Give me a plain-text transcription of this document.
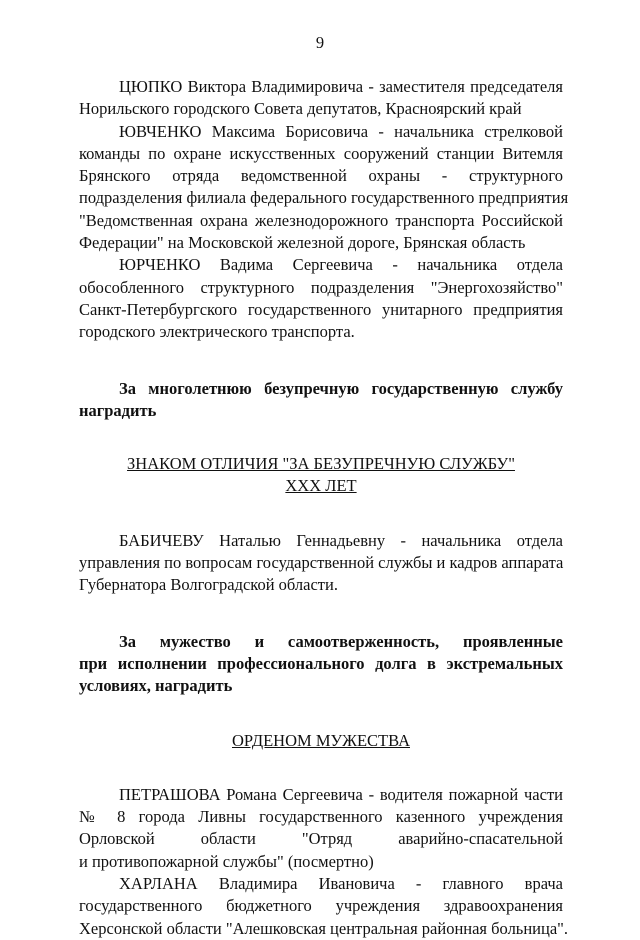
9
ЦЮПКО Виктора Владимировича - заместителя председателя
Норильского городского Совета депутатов, Красноярский край
ЮВЧЕНКО Максима Борисовича - начальника стрелковой
команды по охране искусственных сооружений станции Витемля
Брянского отряда ведомственной охраны - структурного
подразделения филиала федерального государственного предприятия
"Ведомственная охрана железнодорожного транспорта Российской
Федерации" на Московской железной дороге, Брянская область
ЮРЧЕНКО Вадима Сергеевича - начальника отдела
обособленного структурного подразделения "Энергохозяйство"
Санкт-Петербургского государственного унитарного предприятия
городского электрического транспорта.
За многолетнюю безупречную государственную службу
наградить
ЗНАКОМ ОТЛИЧИЯ "ЗА БЕЗУПРЕЧНУЮ СЛУЖБУ"
XXX ЛЕТ
БАБИЧЕВУ Наталью Геннадьевну - начальника отдела
управления по вопросам государственной службы и кадров аппарата
Губернатора Волгоградской области.
За мужество и самоотверженность, проявленные
при исполнении профессионального долга в экстремальных
условиях, наградить
ОРДЕНОМ МУЖЕСТВА
ПЕТРАШОВА Романа Сергеевича - водителя пожарной части
№ 8 города Ливны государственного казенного учреждения
Орловской области "Отряд аварийно-спасательной
и противопожарной службы" (посмертно)
ХАРЛАНА Владимира Ивановича - главного врача
государственного бюджетного учреждения здравоохранения
Херсонской области "Алешковская центральная районная больница".
